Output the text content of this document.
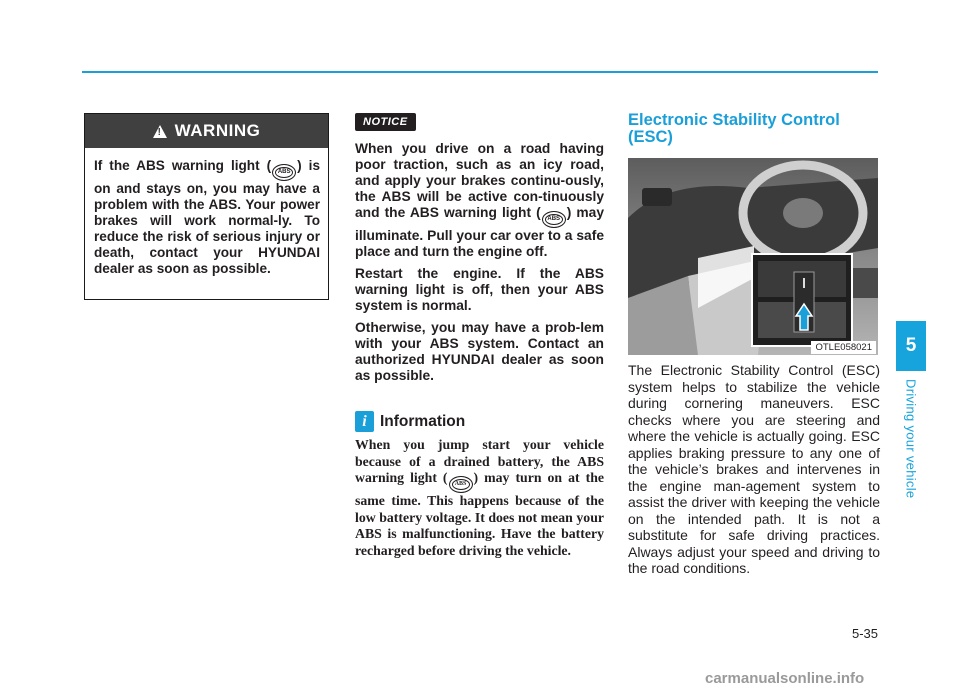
!
WARNING
If the ABS warning light ( ABS ) is on and stays on, you may have a problem with the ABS. Your power brakes will work normal-ly. To reduce the risk of serious injury or death, contact your HYUNDAI dealer as soon as possible.
NOTICE

When you drive on a road having poor traction, such as an icy road, and apply your brakes continu-ously, the ABS will be active con-tinuously and the ABS warning light ( ABS ) may illuminate. Pull your car over to a safe place and turn the engine off.

Restart the engine. If the ABS warning light is off, then your ABS system is normal.

Otherwise, you may have a prob-lem with your ABS system. Contact an authorized HYUNDAI dealer as soon as possible.

i Information
When you jump start your vehicle because of a drained battery, the ABS warning light ( ABS ) may turn on at the same time. This happens because of the low battery voltage. It does not mean your ABS is malfunctioning. Have the battery recharged before driving the vehicle.
Electronic Stability Control (ESC)
OTLE058021
The Electronic Stability Control (ESC) system helps to stabilize the vehicle during cornering maneuvers. ESC checks where you are steering and where the vehicle is actually going. ESC applies braking pressure to any one of the vehicle’s brakes and intervenes in the engine man-agement system to assist the driver with keeping the vehicle on the intended path. It is not a substitute for safe driving practices. Always adjust your speed and driving to the road conditions.
5
Driving your vehicle
5-35
carmanualsonline.info
